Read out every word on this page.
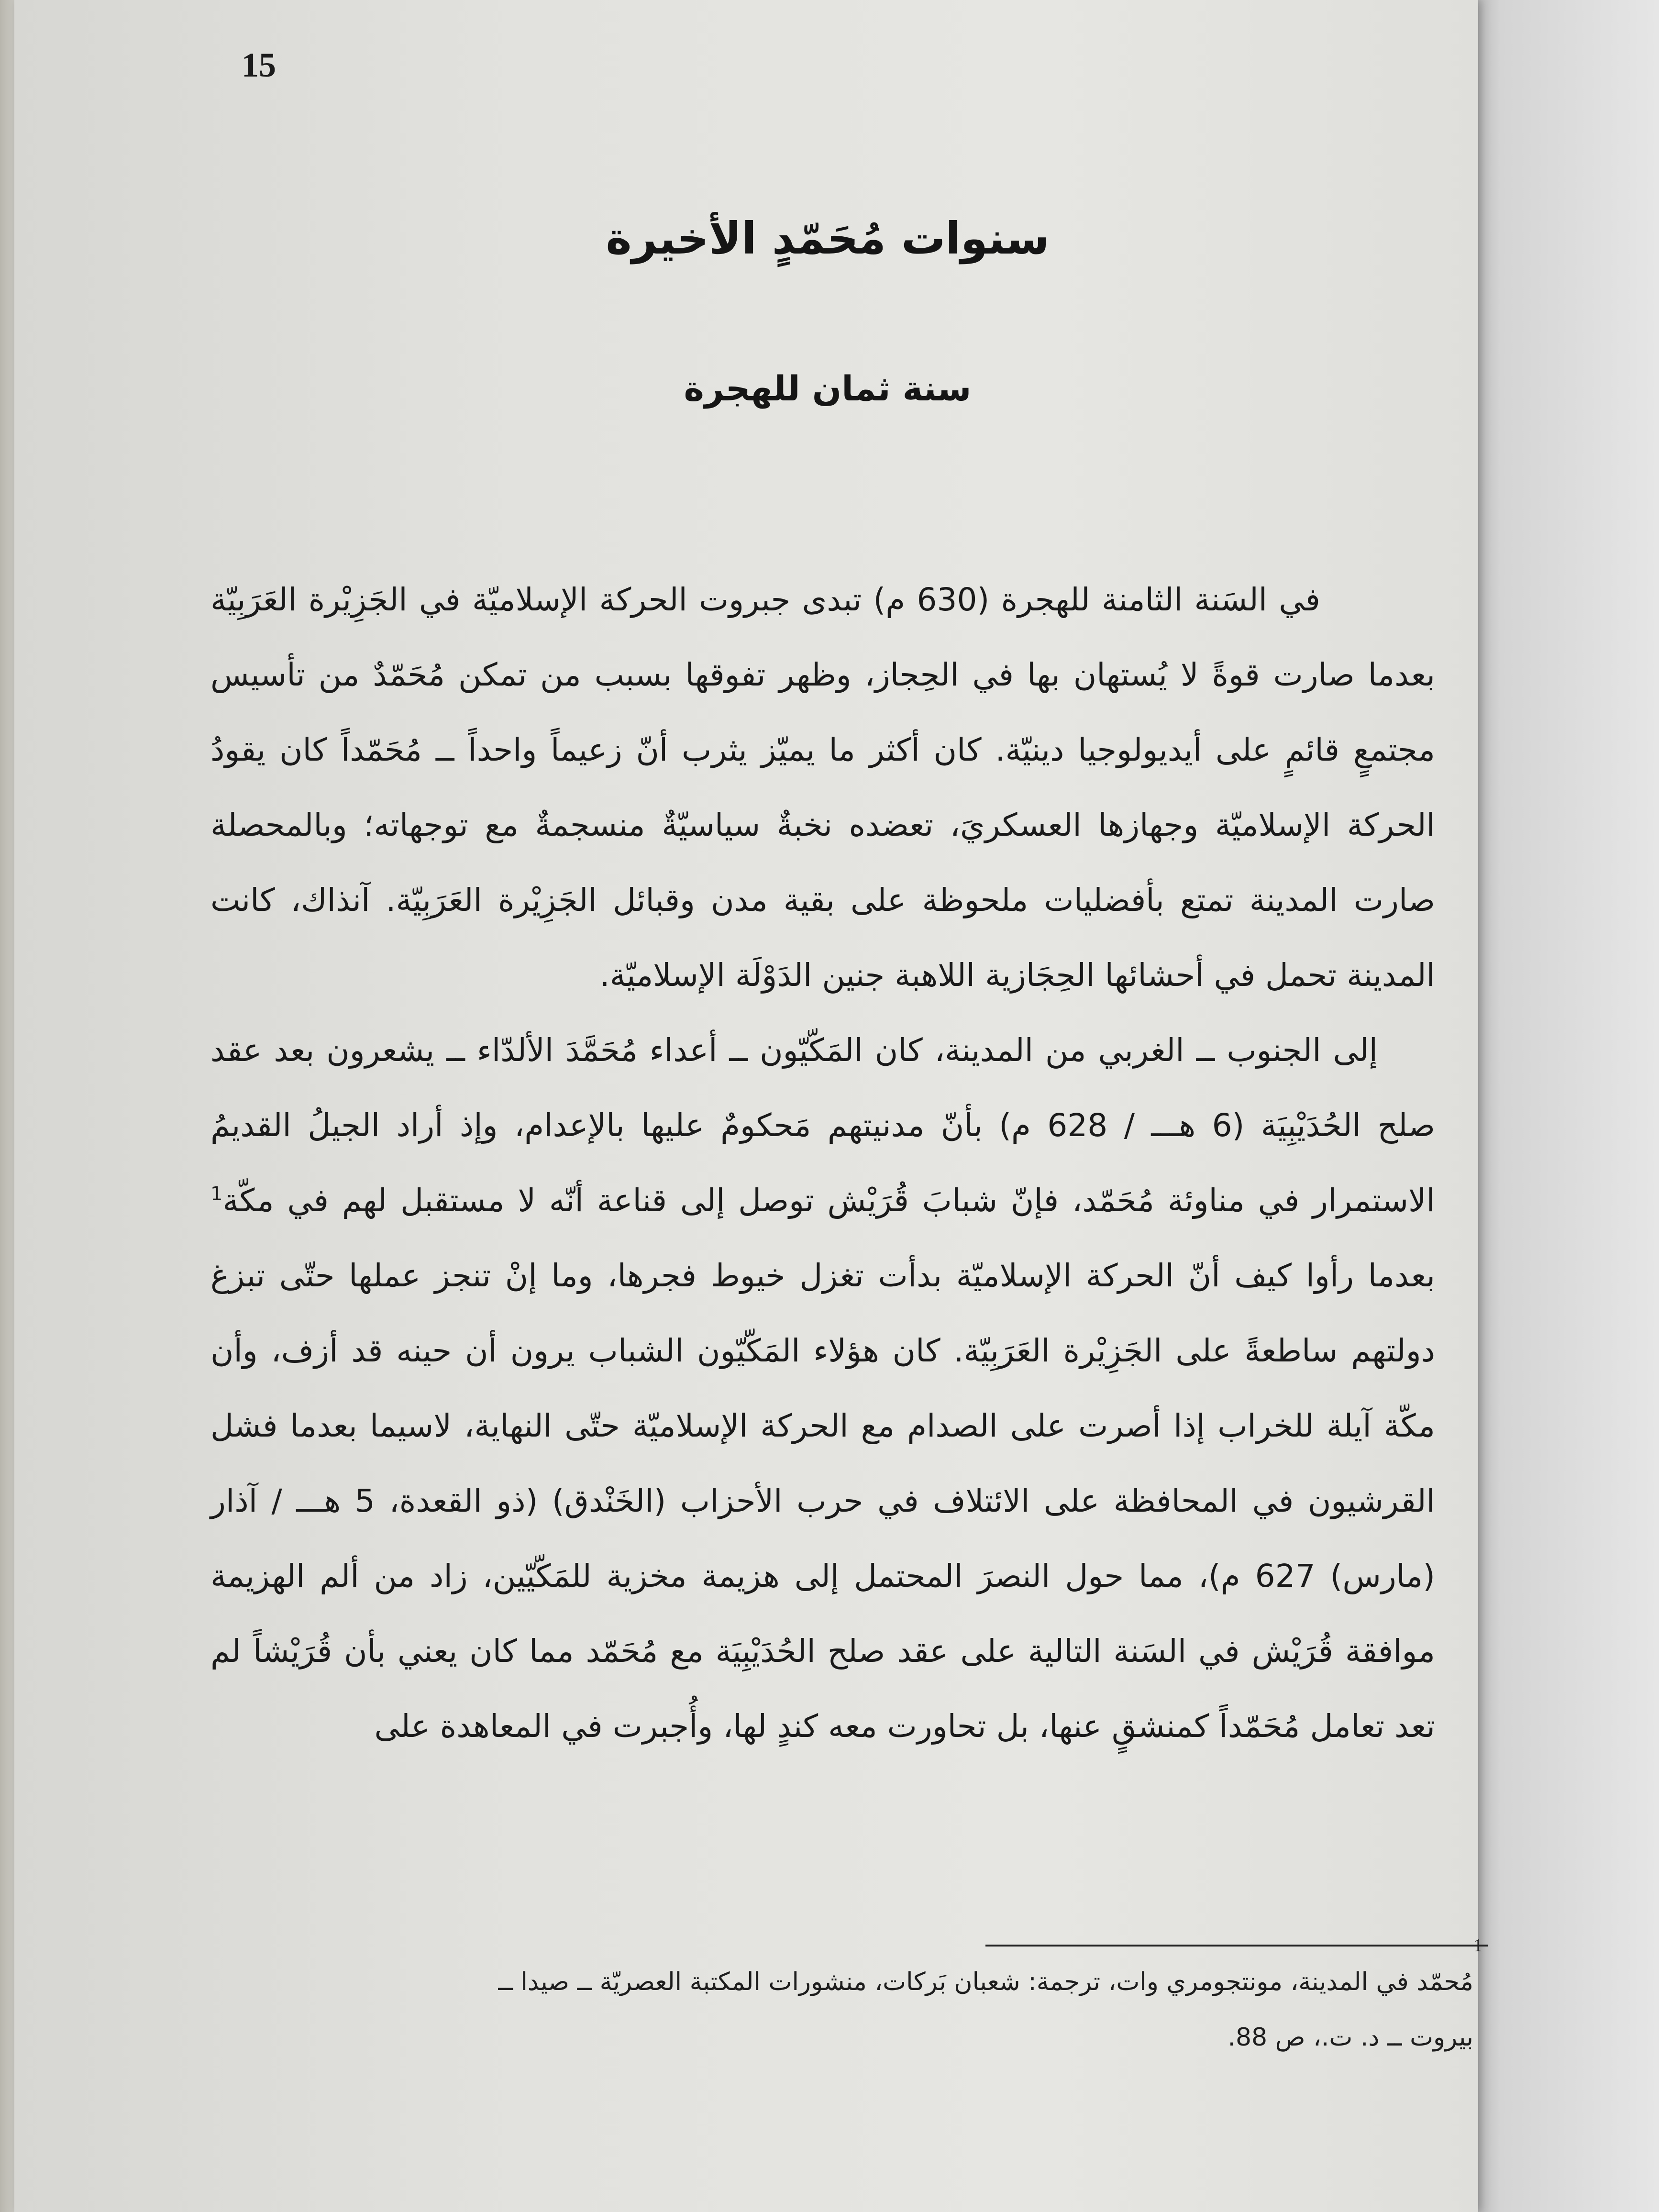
15
سنوات مُحَمّدٍ الأخيرة
سنة ثمان للهجرة

في السَنة الثامنة للهجرة (630 م) تبدى جبروت الحركة الإسلاميّة في الجَزِيْرة العَرَبِيّة بعدما صارت قوةً لا يُستهان بها في الحِجاز، وظهر تفوقها بسبب من تمكن مُحَمّدٌ من تأسيس مجتمعٍ قائمٍ على أيديولوجيا دينيّة. كان أكثر ما يميّز يثرب أنّ زعيماً واحداً ــ مُحَمّداً كان يقودُ الحركة الإسلاميّة وجهازها العسكريَ، تعضده نخبةٌ سياسيّةٌ منسجمةٌ مع توجهاته؛ وبالمحصلة صارت المدينة تمتع بأفضليات ملحوظة على بقية مدن وقبائل الجَزِيْرة العَرَبِيّة. آنذاك، كانت المدينة تحمل في أحشائها الحِجَازية اللاهبة جنين الدَوْلَة الإسلاميّة.

إلى الجنوب ــ الغربي من المدينة، كان المَكّيّون ــ أعداء مُحَمَّدَ الألدّاء ــ يشعرون بعد عقد صلح الحُدَيْبِيَة (6 هـــ / 628 م) بأنّ مدنيتهم مَحكومٌ عليها بالإعدام، وإذ أراد الجيلُ القديمُ الاستمرار في مناوئة مُحَمّد، فإنّ شبابَ قُرَيْش توصل إلى قناعة أنّه لا مستقبل لهم في مكّة$^1$ بعدما رأوا كيف أنّ الحركة الإسلاميّة بدأت تغزل خيوط فجرها، وما إنْ تنجز عملها حتّى تبزغ دولتهم ساطعةً على الجَزِيْرة العَرَبِيّة. كان هؤلاء المَكّيّون الشباب يرون أن حينه قد أزف، وأن مكّة آيلة للخراب إذا أصرت على الصدام مع الحركة الإسلاميّة حتّى النهاية، لاسيما بعدما فشل القرشيون في المحافظة على الائتلاف في حرب الأحزاب (الخَنْدق) (ذو القعدة، 5 هـــ / آذار (مارس) 627 م)، مما حول النصرَ المحتمل إلى هزيمة مخزية للمَكّيّين، زاد من ألم الهزيمة موافقة قُرَيْش في السَنة التالية على عقد صلح الحُدَيْبِيَة مع مُحَمّد مما كان يعني بأن قُرَيْشاً لم تعد تعامل مُحَمّداً كمنشقٍ عنها، بل تحاورت معه كندٍ لها، وأُجبرت في المعاهدة على

1
مُحمّد في المدينة، مونتجومري وات، ترجمة: شعبان بَركات، منشورات المكتبة العصريّة ــ صيدا ــ
بيروت ــ د. ت.، ص 88.
